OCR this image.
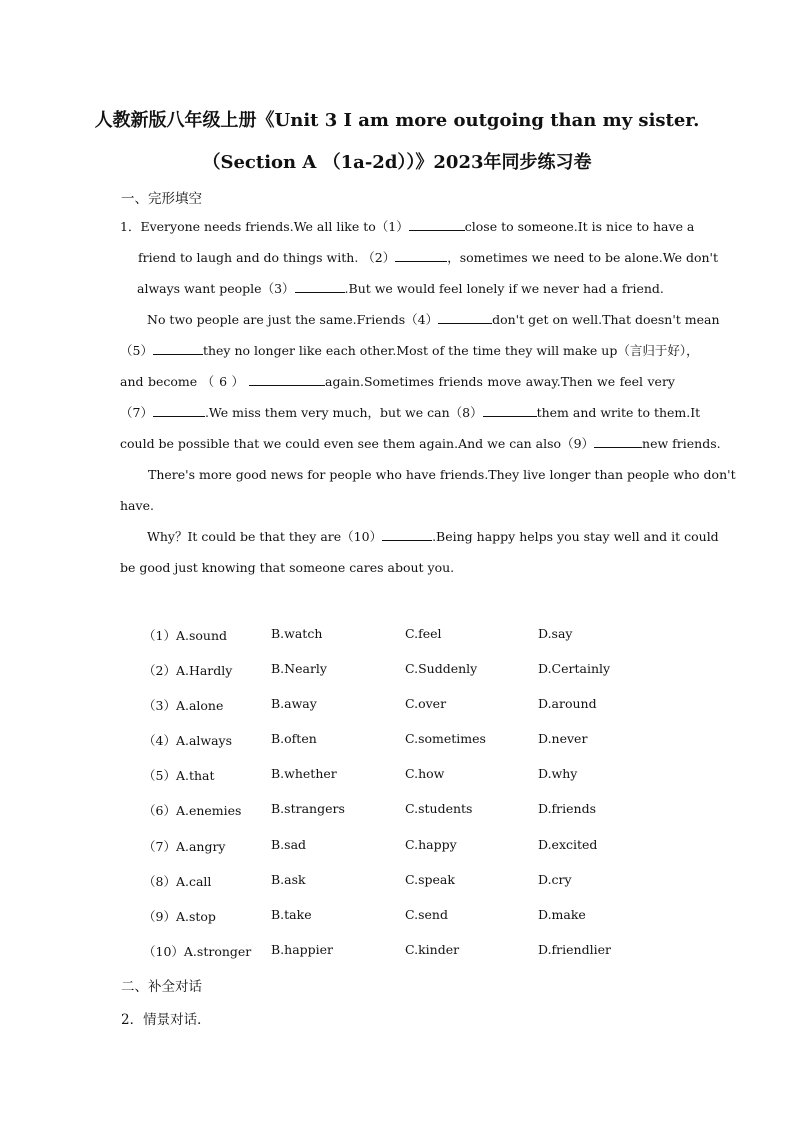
人教新版八年级上册《Unit 3 I am more outgoing than my sister.
（Section A （1a-2d））》2023年同步练习卷
一、完形填空
1．Everyone needs friends.We all like to（1）	close to someone.It is nice to have a
friend to laugh and do things with. （2）	，sometimes we need to be alone.We don't
always want people（3）	.But we would feel lonely if we never had a friend.
No two people are just the same.Friends（4）	don't get on well.That doesn't mean
（5）	they no longer like each other.Most of the time they will make up（言归于好），
and become （ 6 ）	again.Sometimes friends move away.Then we feel very
（7）	.We miss them very much，but we can（8）	them and write to them.It
could be possible that we could even see them again.And we can also（9）	new friends.
There's more good news for people who have friends.They live longer than people who don't
have.
Why？It could be that they are（10）	.Being happy helps you stay well and it could
be good just knowing that someone cares about you.
（1）A.sound	B.watch	C.feel	D.say
（2）A.Hardly	B.Nearly	C.Suddenly	D.Certainly
（3）A.alone	B.away	C.over	D.around
（4）A.always	B.often	C.sometimes	D.never
（5）A.that	B.whether	C.how	D.why
（6）A.enemies B.strangers	C.students	D.friends
（7）A.angry	B.sad	C.happy	D.excited
（8）A.call	B.ask	C.speak	D.cry
（9）A.stop	B.take	C.send	D.make
（10）A.stronger B.happier	C.kinder	D.friendlier
二、补全对话
2．情景对话．
